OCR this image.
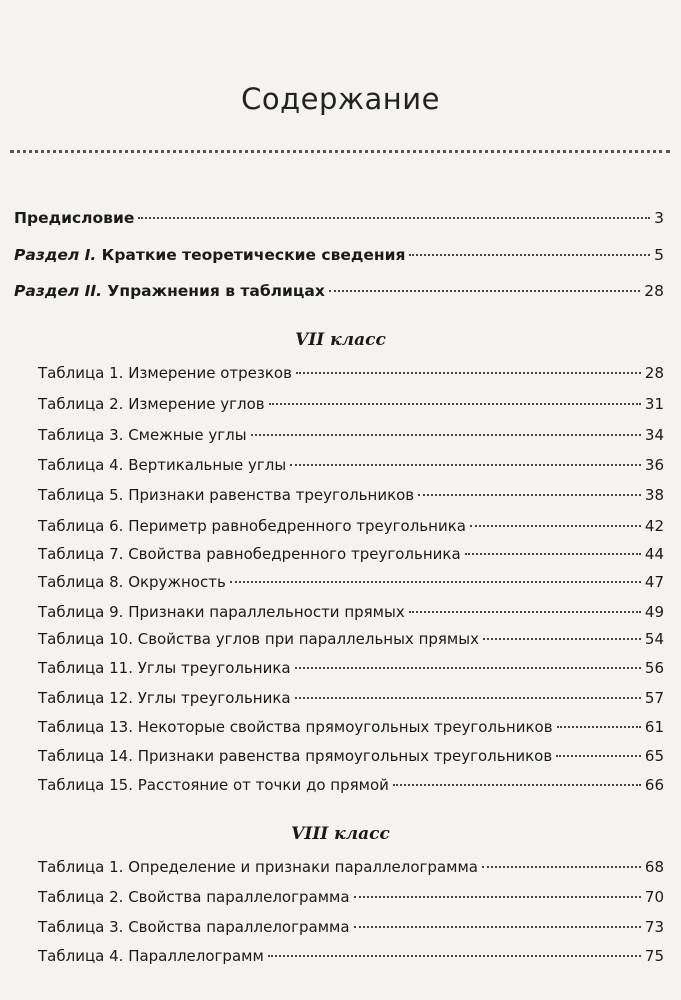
Содержание
Предисловие	3
Раздел I. Краткие теоретические сведения	5
Раздел II. Упражнения в таблицах	28
VII класс
Таблица 1. Измерение отрезков	28
Таблица 2. Измерение углов	31
Таблица 3. Смежные углы	34
Таблица 4. Вертикальные углы	36
Таблица 5. Признаки равенства треугольников	38
Таблица 6. Периметр равнобедренного треугольника	42
Таблица 7. Свойства равнобедренного треугольника	44
Таблица 8. Окружность	47
Таблица 9. Признаки параллельности прямых	49
Таблица 10. Свойства углов при параллельных прямых	54
Таблица 11. Углы треугольника	56
Таблица 12. Углы треугольника	57
Таблица 13. Некоторые свойства прямоугольных треугольников	61
Таблица 14. Признаки равенства прямоугольных треугольников	65
Таблица 15. Расстояние от точки до прямой	66
VIII класс
Таблица 1. Определение и признаки параллелограмма	68
Таблица 2. Свойства параллелограмма	70
Таблица 3. Свойства параллелограмма	73
Таблица 4. Параллелограмм	75
